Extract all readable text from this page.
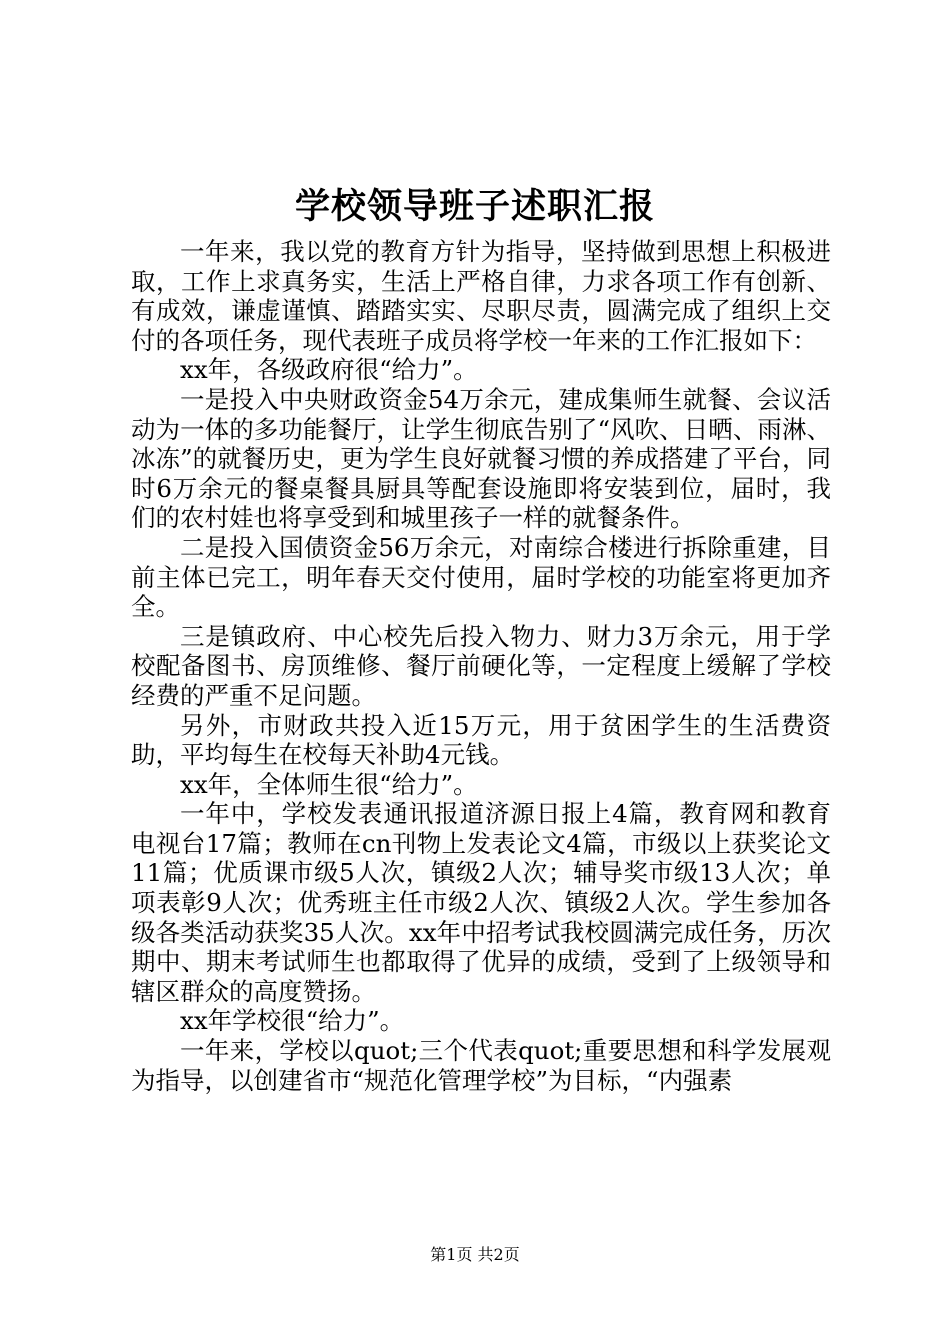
学校领导班子述职汇报

一年来，我以党的教育方针为指导，坚持做到思想上积极进取，工作上求真务实，生活上严格自律，力求各项工作有创新、有成效，谦虚谨慎、踏踏实实、尽职尽责，圆满完成了组织上交付的各项任务，现代表班子成员将学校一年来的工作汇报如下：

xx年，各级政府很“给力”。

一是投入中央财政资金54万余元，建成集师生就餐、会议活动为一体的多功能餐厅，让学生彻底告别了“风吹、日晒、雨淋、冰冻”的就餐历史，更为学生良好就餐习惯的养成搭建了平台，同时6万余元的餐桌餐具厨具等配套设施即将安装到位，届时，我们的农村娃也将享受到和城里孩子一样的就餐条件。

二是投入国债资金56万余元，对南综合楼进行拆除重建，目前主体已完工，明年春天交付使用，届时学校的功能室将更加齐全。

三是镇政府、中心校先后投入物力、财力3万余元，用于学校配备图书、房顶维修、餐厅前硬化等，一定程度上缓解了学校经费的严重不足问题。

另外，市财政共投入近15万元，用于贫困学生的生活费资助，平均每生在校每天补助4元钱。

xx年，全体师生很“给力”。

一年中，学校发表通讯报道济源日报上4篇，教育网和教育电视台17篇；教师在cn刊物上发表论文4篇，市级以上获奖论文11篇；优质课市级5人次，镇级2人次；辅导奖市级13人次；单项表彰9人次；优秀班主任市级2人次、镇级2人次。学生参加各级各类活动获奖35人次。xx年中招考试我校圆满完成任务，历次期中、期末考试师生也都取得了优异的成绩，受到了上级领导和辖区群众的高度赞扬。

xx年学校很“给力”。

一年来，学校以quot;三个代表quot;重要思想和科学发展观为指导，以创建省市“规范化管理学校”为目标，“内强素

第1页 共2页
